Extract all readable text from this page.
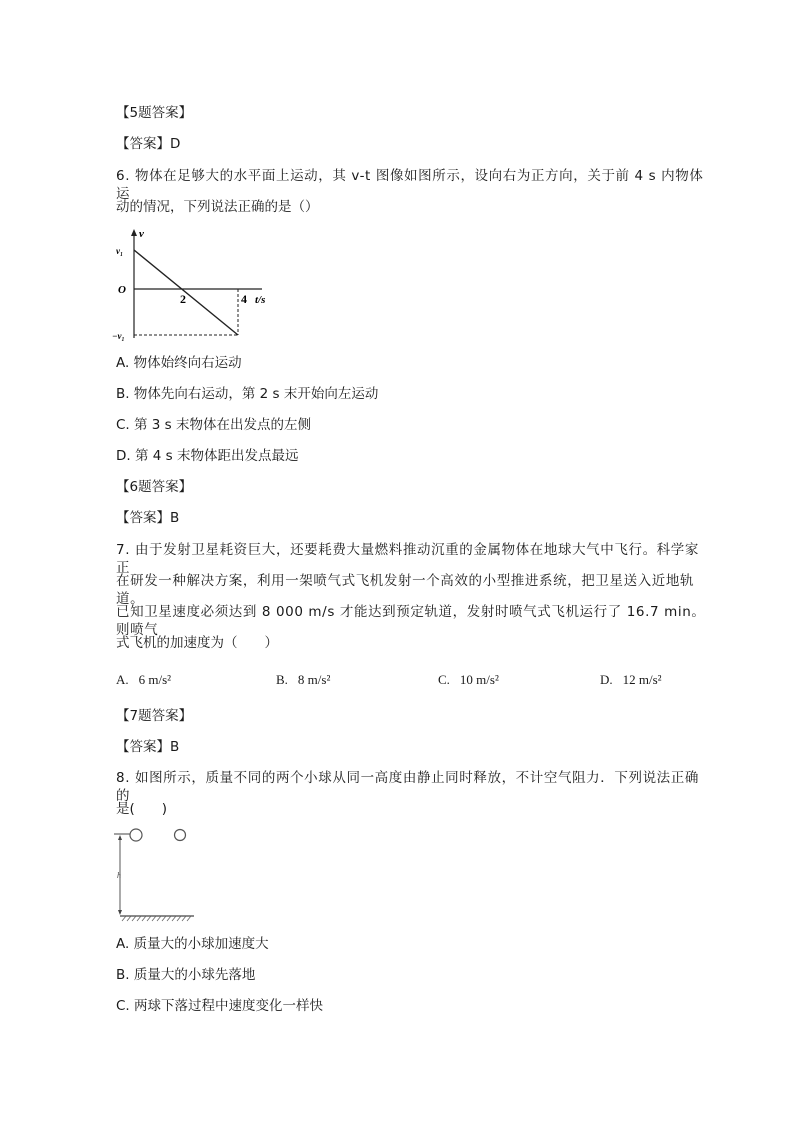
【5题答案】
【答案】D
6. 物体在足够大的水平面上运动，其 v-t 图像如图所示，设向右为正方向，关于前 4 s 内物体运
动的情况，下列说法正确的是（）
v
v₁
O
2	4 t/s
−v₁
A. 物体始终向右运动
B. 物体先向右运动，第 2 s 末开始向左运动
C. 第 3 s 末物体在出发点的左侧
D. 第 4 s 末物体距出发点最远
【6题答案】
【答案】B
7. 由于发射卫星耗资巨大，还要耗费大量燃料推动沉重的金属物体在地球大气中飞行。科学家正
在研发一种解决方案，利用一架喷气式飞机发射一个高效的小型推进系统，把卫星送入近地轨道。
已知卫星速度必须达到 8 000 m/s 才能达到预定轨道，发射时喷气式飞机运行了 16.7 min。则喷气
式飞机的加速度为（　　）
A. 6 m/s²	B. 8 m/s²	C. 10 m/s²	D. 12 m/s²
【7题答案】
【答案】B
8. 如图所示，质量不同的两个小球从同一高度由静止同时释放，不计空气阻力．下列说法正确的
是(　　)
h
A. 质量大的小球加速度大
B. 质量大的小球先落地
C. 两球下落过程中速度变化一样快
